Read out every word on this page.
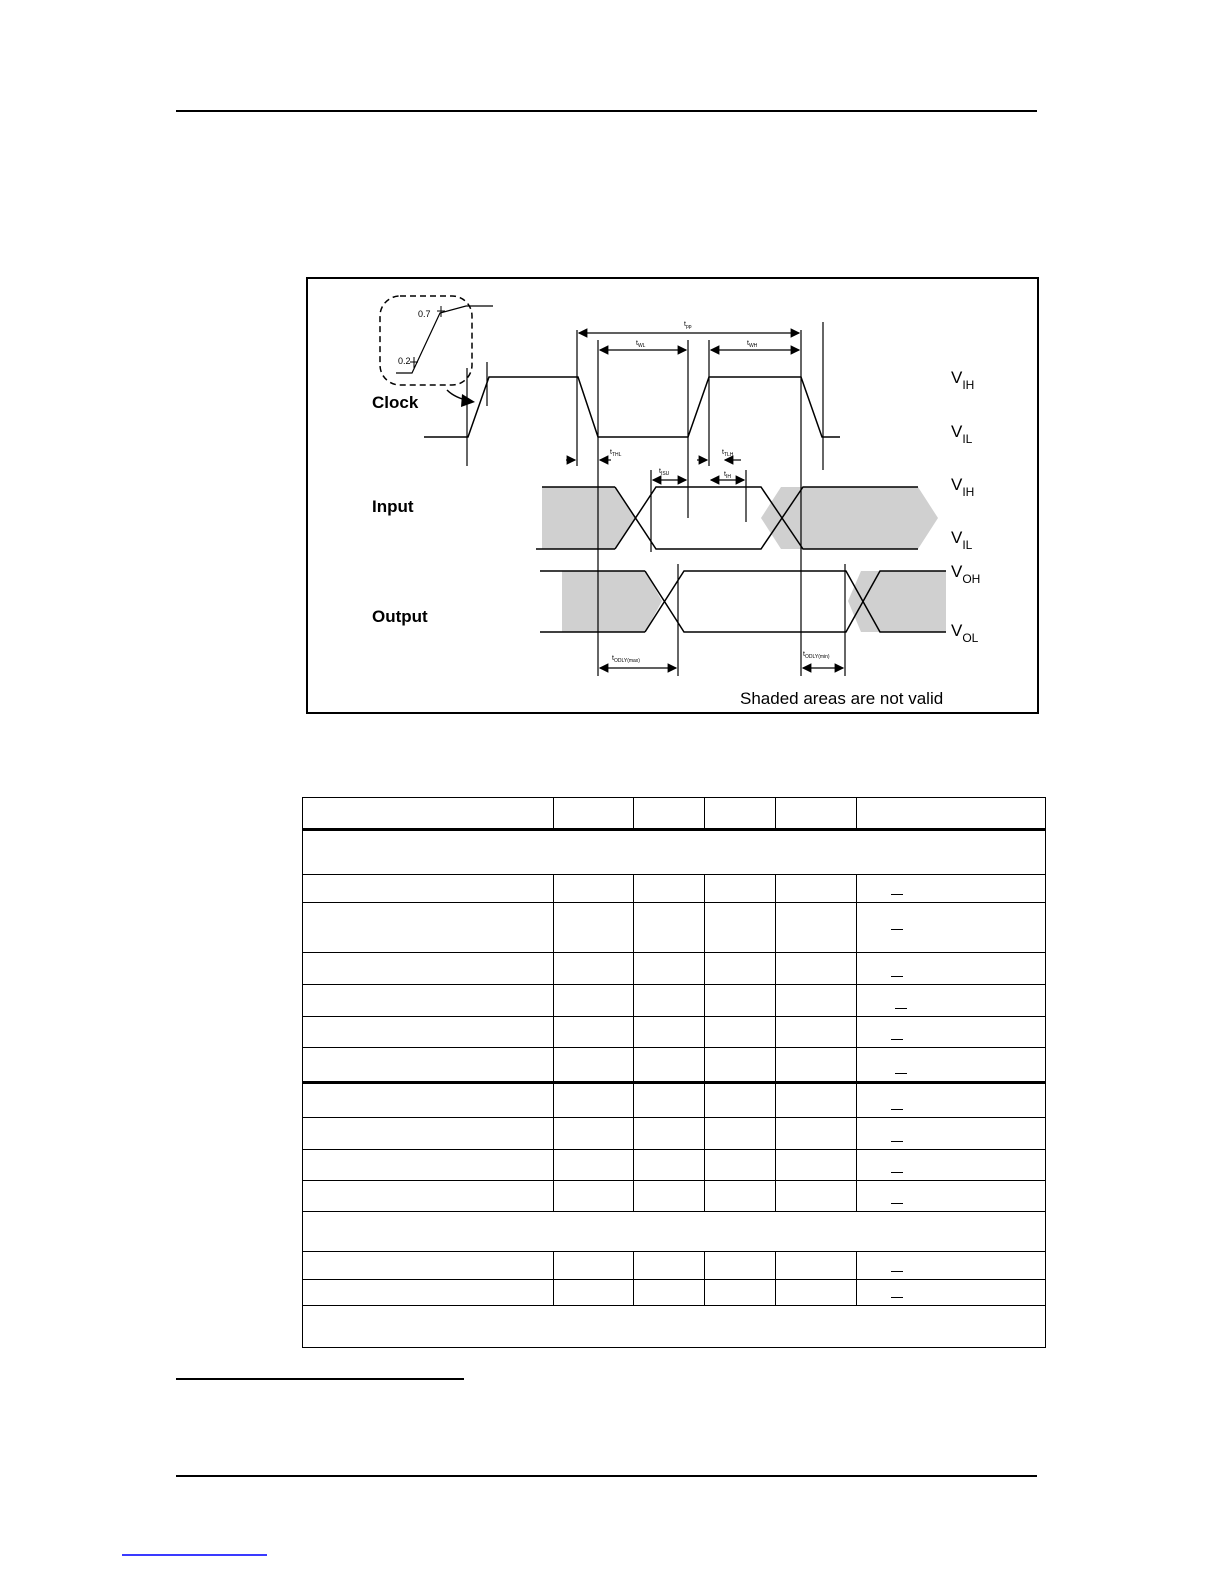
0.7
0.2
$t_{pp}$
$t_{WL}$	$t_{WH}$
$t_{THL}$	$t_{TLH}$
$t_{ISU}$	$t_{IH}$
$t_{ODLY(max)}$
$t_{ODLY(min)}$
Clock
Input
Output
$V_{IH}$
$V_{IL}$
$V_{IH}$
$V_{IL}$
$V_{OH}$
$V_{OL}$
Shaded areas are not valid
